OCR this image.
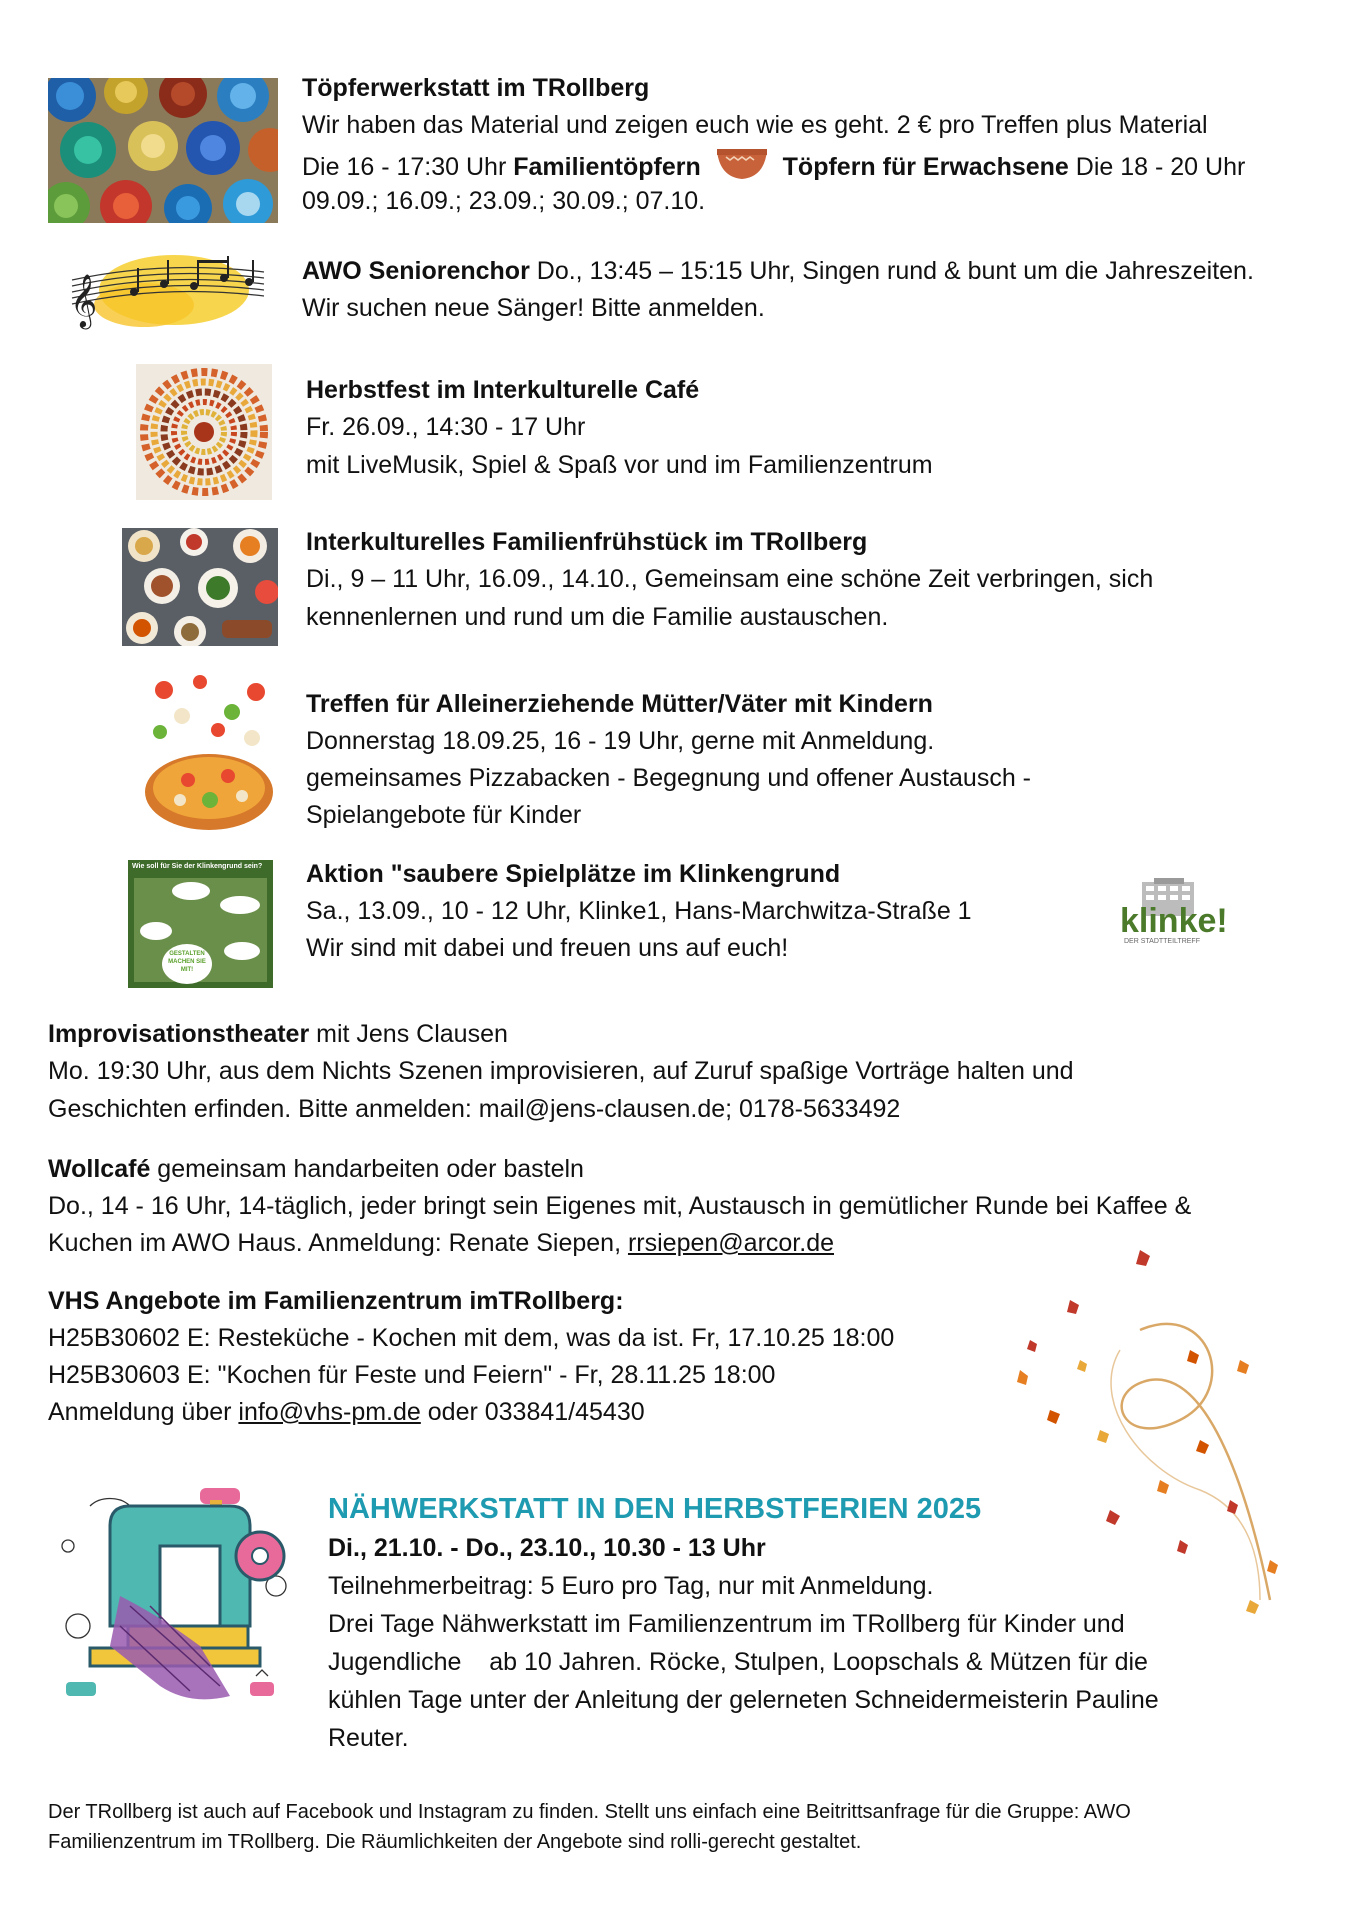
Töpferwerkstatt im TRollberg
Wir haben das Material und zeigen euch wie es geht. 2 € pro Treffen plus Material
Die 16 - 17:30 Uhr Familientöpfern	Töpfern für Erwachsene Die 18 - 20 Uhr
09.09.; 16.09.; 23.09.; 30.09.; 07.10.
𝄞
AWO Seniorenchor Do., 13:45 – 15:15 Uhr, Singen rund & bunt um die Jahreszeiten.
Wir suchen neue Sänger! Bitte anmelden.
Herbstfest im Interkulturelle Café
Fr. 26.09., 14:30 - 17 Uhr
mit LiveMusik, Spiel & Spaß vor und im Familienzentrum
Interkulturelles Familienfrühstück im TRollberg
Di., 9 – 11 Uhr, 16.09., 14.10., Gemeinsam eine schöne Zeit verbringen, sich
kennenlernen und rund um die Familie austauschen.
Treffen für Alleinerziehende Mütter/Väter mit Kindern
Donnerstag 18.09.25, 16 - 19 Uhr, gerne mit Anmeldung.
gemeinsames Pizzabacken - Begegnung und offener Austausch -
Spielangebote für Kinder
Wie soll für Sie der Klinkengrund sein?
GESTALTEN MACHEN SIE MIT!
Aktion "saubere Spielplätze im Klinkengrund
Sa., 13.09., 10 - 12 Uhr, Klinke1, Hans-Marchwitza-Straße 1
Wir sind mit dabei und freuen uns auf euch!
klinke!
DER STADTTEILTREFF
Improvisationstheater mit Jens Clausen
Mo. 19:30 Uhr, aus dem Nichts Szenen improvisieren, auf Zuruf spaßige Vorträge halten und
Geschichten erfinden. Bitte anmelden: mail@jens-clausen.de; 0178-5633492
Wollcafé gemeinsam handarbeiten oder basteln
Do., 14 - 16 Uhr, 14-täglich, jeder bringt sein Eigenes mit, Austausch in gemütlicher Runde bei Kaffee &
Kuchen im AWO Haus. Anmeldung: Renate Siepen, rrsiepen@arcor.de
VHS Angebote im Familienzentrum imTRollberg:
H25B30602 E: Resteküche - Kochen mit dem, was da ist. Fr, 17.10.25 18:00
H25B30603 E: "Kochen für Feste und Feiern" - Fr, 28.11.25 18:00
Anmeldung über info@vhs-pm.de oder 033841/45430
NÄHWERKSTATT IN DEN HERBSTFERIEN 2025
Di., 21.10. - Do., 23.10., 10.30 - 13 Uhr
Teilnehmerbeitrag: 5 Euro pro Tag, nur mit Anmeldung.
Drei Tage Nähwerkstatt im Familienzentrum im TRollberg für Kinder und
Jugendliche    ab 10 Jahren. Röcke, Stulpen, Loopschals & Mützen für die
kühlen Tage unter der Anleitung der gelerneten Schneidermeisterin Pauline
Reuter.
Der TRollberg ist auch auf Facebook und Instagram zu finden. Stellt uns einfach eine Beitrittsanfrage für die Gruppe: AWO
Familienzentrum im TRollberg. Die Räumlichkeiten der Angebote sind rolli-gerecht gestaltet.
